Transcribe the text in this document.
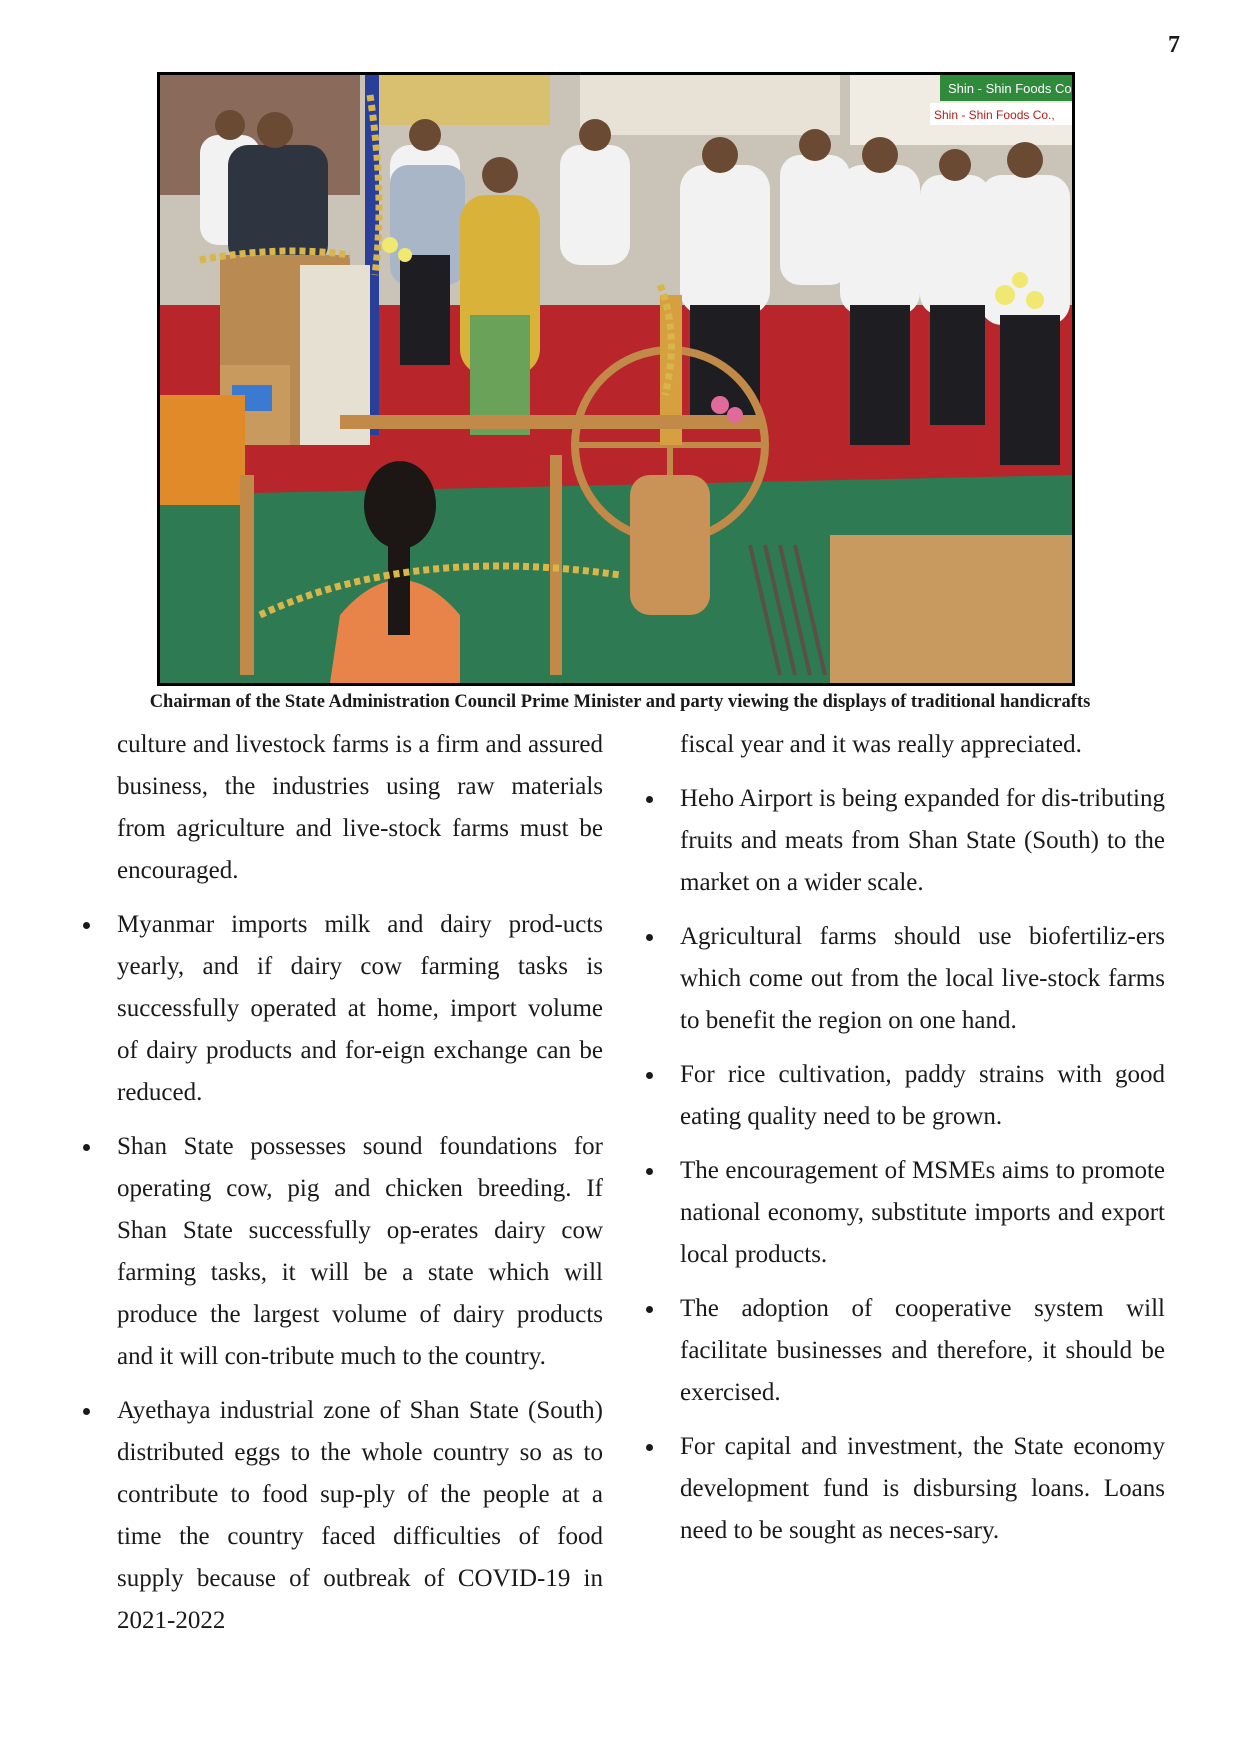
7
Shin - Shin Foods Co
Shin - Shin Foods Co.,
Chairman of the State Administration Council Prime Minister and party viewing the displays of traditional handicrafts

culture and livestock farms is a firm and assured business, the industries using raw materials from agriculture and live-stock farms must be encouraged.

Myanmar imports milk and dairy prod-ucts yearly, and if dairy cow farming tasks is successfully operated at home, import volume of dairy products and for-eign exchange can be reduced.

Shan State possesses sound foundations for operating cow, pig and chicken breeding. If Shan State successfully op-erates dairy cow farming tasks, it will be a state which will produce the largest volume of dairy products and it will con-tribute much to the country.

Ayethaya industrial zone of Shan State (South) distributed eggs to the whole country so as to contribute to food sup-ply of the people at a time the country faced difficulties of food supply because of outbreak of COVID-19 in 2021-2022

fiscal year and it was really appreciated.

Heho Airport is being expanded for dis-tributing fruits and meats from Shan State (South) to the market on a wider scale.

Agricultural farms should use biofertiliz-ers which come out from the local live-stock farms to benefit the region on one hand.

For rice cultivation, paddy strains with good eating quality need to be grown.

The encouragement of MSMEs aims to promote national economy, substitute imports and export local products.

The adoption of cooperative system will facilitate businesses and therefore, it should be exercised.

For capital and investment, the State economy development fund is disbursing loans. Loans need to be sought as neces-sary.
